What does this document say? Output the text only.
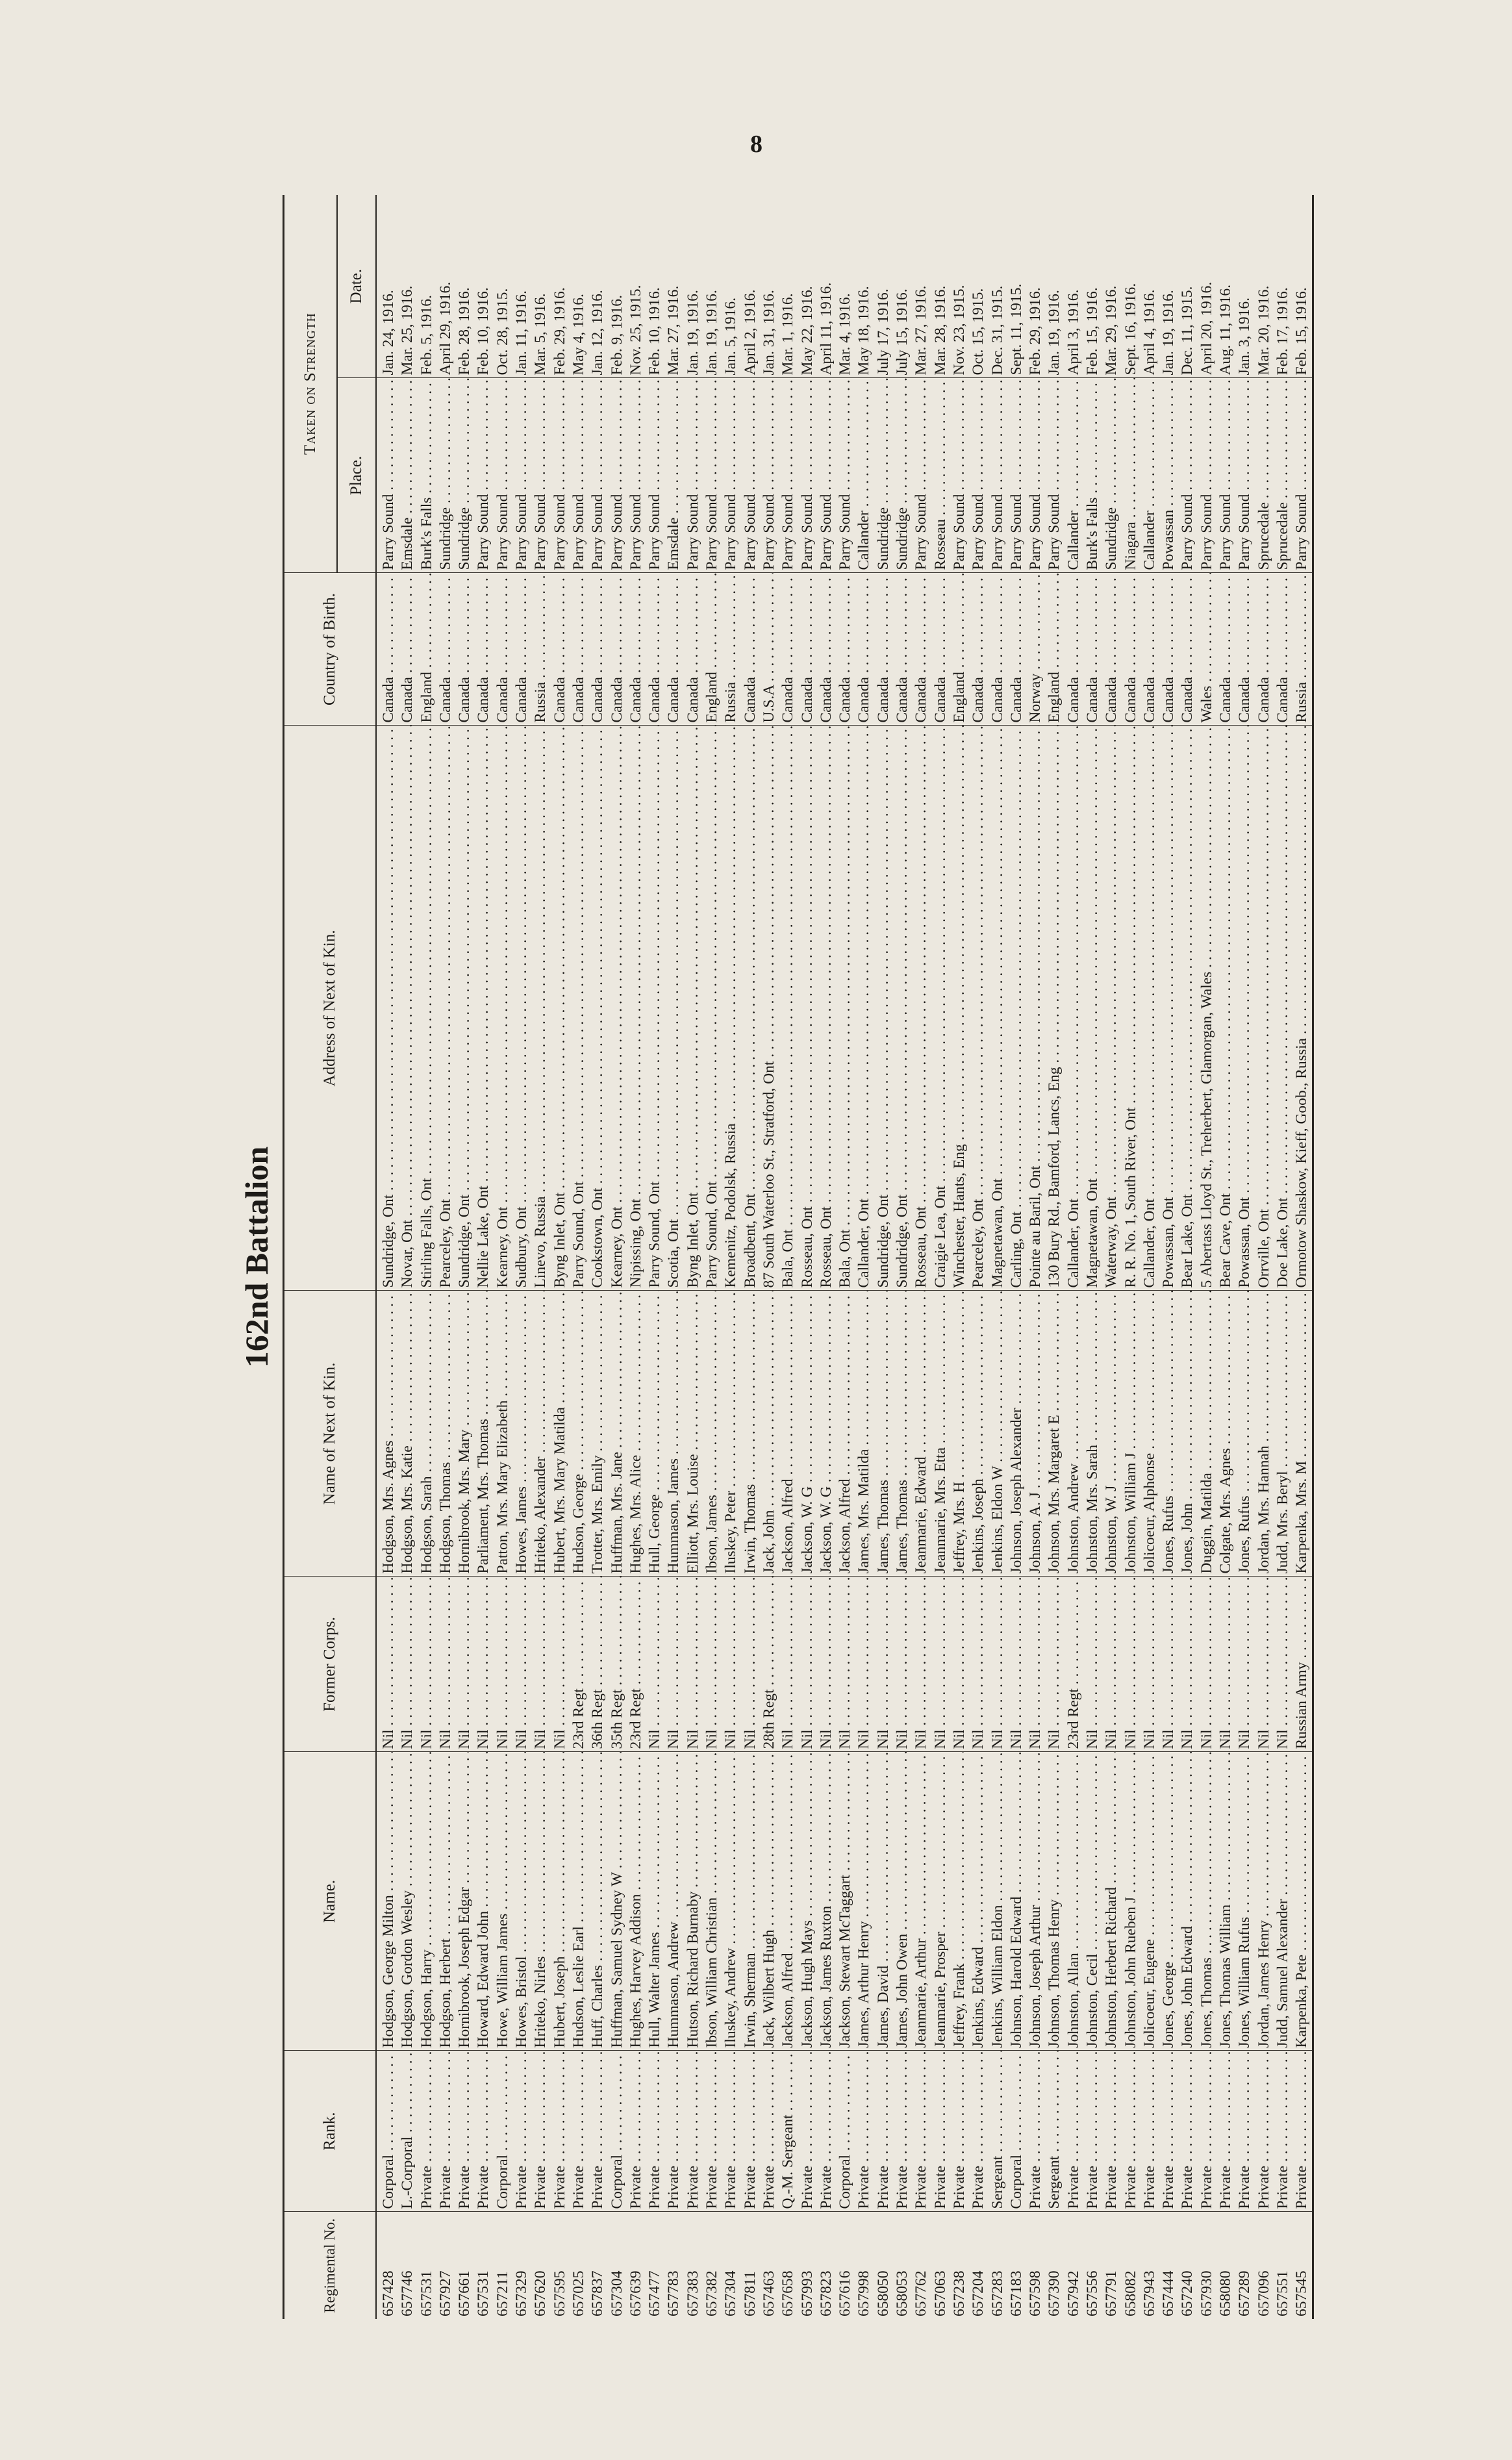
8
162nd Battalion
Regimental No.	Rank.	Name.	Former Corps.	Name of Next of Kin.	Address of Next of Kin.	Country of Birth.	Taken on Strength	
							Place.	Date.
657428	Corporal . . .	Hodgson, George Milton . . .	Nil . . .	Hodgson, Mrs. Agnes . . .	Sundridge, Ont . . .	Canada . . .	Parry Sound . . .	Jan. 24, 1916.
657746	L.-Corporal . . .	Hodgson, Gordon Wesley . . .	Nil . . .	Hodgson, Mrs. Katie . . .	Novar, Ont . . .	Canada . . .	Emsdale . . .	Mar. 25, 1916.
657531	Private . . .	Hodgson, Harry . . .	Nil . . .	Hodgson, Sarah . . .	Stirling Falls, Ont . . .	England . . .	Burk's Falls . . .	Feb. 5, 1916.
657927	Private . . .	Hodgson, Herbert . . .	Nil . . .	Hodgson, Thomas . . .	Pearceley, Ont . . .	Canada . . .	Sundridge . . .	April 29, 1916.
657661	Private . . .	Hornibrook, Joseph Edgar . . .	Nil . . .	Hornibrook, Mrs. Mary . . .	Sundridge, Ont . . .	Canada . . .	Sundridge . . .	Feb. 28, 1916.
657531	Private . . .	Howard, Edward John . . .	Nil . . .	Parliament, Mrs. Thomas . . .	Nellie Lake, Ont . . .	Canada . . .	Parry Sound . . .	Feb. 10, 1916.
657211	Corporal . . .	Howe, William James . . .	Nil . . .	Patton, Mrs. Mary Elizabeth . . .	Kearney, Ont . . .	Canada . . .	Parry Sound . . .	Oct. 28, 1915.
657329	Private . . .	Howes, Bristol . . .	Nil . . .	Howes, James . . .	Sudbury, Ont . . .	Canada . . .	Parry Sound . . .	Jan. 11, 1916.
657620	Private . . .	Hriteko, Nirles . . .	Nil . . .	Hriteko, Alexander . . .	Linevo, Russia . . .	Russia . . .	Parry Sound . . .	Mar. 5, 1916.
657595	Private . . .	Hubert, Joseph . . .	Nil . . .	Hubert, Mrs. Mary Matilda . . .	Byng Inlet, Ont . . .	Canada . . .	Parry Sound . . .	Feb. 29, 1916.
657025	Private . . .	Hudson, Leslie Earl . . .	23rd Regt . . .	Hudson, George . . .	Parry Sound, Ont . . .	Canada . . .	Parry Sound . . .	May 4, 1916.
657837	Private . . .	Huff, Charles . . .	36th Regt . . .	Trotter, Mrs. Emily . . .	Cookstown, Ont . . .	Canada . . .	Parry Sound . . .	Jan. 12, 1916.
657304	Corporal . . .	Huffman, Samuel Sydney W . . .	35th Regt . . .	Huffman, Mrs. Jane . . .	Kearney, Ont . . .	Canada . . .	Parry Sound . . .	Feb. 9, 1916.
657639	Private . . .	Hughes, Harvey Addison . . .	23rd Regt . . .	Hughes, Mrs. Alice . . .	Nipissing, Ont . . .	Canada . . .	Parry Sound . . .	Nov. 25, 1915.
657477	Private . . .	Hull, Walter James . . .	Nil . . .	Hull, George . . .	Parry Sound, Ont . . .	Canada . . .	Parry Sound . . .	Feb. 10, 1916.
657783	Private . . .	Hummason, Andrew . . .	Nil . . .	Hummason, James . . .	Scotia, Ont . . .	Canada . . .	Emsdale . . .	Mar. 27, 1916.
657383	Private . . .	Hutson, Richard Burnaby . . .	Nil . . .	Elliott, Mrs. Louise . . .	Byng Inlet, Ont . . .	Canada . . .	Parry Sound . . .	Jan. 19, 1916.
657382	Private . . .	Ibson, William Christian . . .	Nil . . .	Ibson, James . . .	Parry Sound, Ont . . .	England . . .	Parry Sound . . .	Jan. 19, 1916.
657304	Private . . .	Iluskey, Andrew . . .	Nil . . .	Iluskey, Peter . . .	Kemenitz, Podolsk, Russia . . .	Russia . . .	Parry Sound . . .	Jan. 5, 1916.
657811	Private . . .	Irwin, Sherman . . .	Nil . . .	Irwin, Thomas . . .	Broadbent, Ont . . .	Canada . . .	Parry Sound . . .	April 2, 1916.
657463	Private . . .	Jack, Wilbert Hugh . . .	28th Regt . . .	Jack, John . . .	87 South Waterloo St., Stratford, Ont . . .	U.S.A . . .	Parry Sound . . .	Jan. 31, 1916.
657658	Q.-M. Sergeant . . .	Jackson, Alfred . . .	Nil . . .	Jackson, Alfred . . .	Bala, Ont . . .	Canada . . .	Parry Sound . . .	Mar. 1, 1916.
657993	Private . . .	Jackson, Hugh Mays . . .	Nil . . .	Jackson, W. G . . .	Rosseau, Ont . . .	Canada . . .	Parry Sound . . .	May 22, 1916.
657823	Private . . .	Jackson, James Ruxton . . .	Nil . . .	Jackson, W. G . . .	Rosseau, Ont . . .	Canada . . .	Parry Sound . . .	April 11, 1916.
657616	Corporal . . .	Jackson, Stewart McTaggart . . .	Nil . . .	Jackson, Alfred . . .	Bala, Ont . . .	Canada . . .	Parry Sound . . .	Mar. 4, 1916.
657998	Private . . .	James, Arthur Henry . . .	Nil . . .	James, Mrs. Matilda . . .	Callander, Ont . . .	Canada . . .	Callander . . .	May 18, 1916.
658050	Private . . .	James, David . . .	Nil . . .	James, Thomas . . .	Sundridge, Ont . . .	Canada . . .	Sundridge . . .	July 17, 1916.
658053	Private . . .	James, John Owen . . .	Nil . . .	James, Thomas . . .	Sundridge, Ont . . .	Canada . . .	Sundridge . . .	July 15, 1916.
657762	Private . . .	Jeanmarie, Arthur . . .	Nil . . .	Jeanmarie, Edward . . .	Rosseau, Ont . . .	Canada . . .	Parry Sound . . .	Mar. 27, 1916.
657063	Private . . .	Jeanmarie, Prosper . . .	Nil . . .	Jeanmarie, Mrs. Etta . . .	Craigie Lea, Ont . . .	Canada . . .	Rosseau . . .	Mar. 28, 1916.
657238	Private . . .	Jeffrey, Frank . . .	Nil . . .	Jeffrey, Mrs. H . . .	Winchester, Hants, Eng . . .	England . . .	Parry Sound . . .	Nov. 23, 1915.
657204	Private . . .	Jenkins, Edward . . .	Nil . . .	Jenkins, Joseph . . .	Pearceley, Ont . . .	Canada . . .	Parry Sound . . .	Oct. 15, 1915.
657283	Sergeant . . .	Jenkins, William Eldon . . .	Nil . . .	Jenkins, Eldon W . . .	Magnetawan, Ont . . .	Canada . . .	Parry Sound . . .	Dec. 31, 1915.
657183	Corporal . . .	Johnson, Harold Edward . . .	Nil . . .	Johnson, Joseph Alexander . . .	Carling, Ont . . .	Canada . . .	Parry Sound . . .	Sept. 11, 1915.
657598	Private . . .	Johnson, Joseph Arthur . . .	Nil . . .	Johnson, A. J . . .	Pointe au Baril, Ont . . .	Norway . . .	Parry Sound . . .	Feb. 29, 1916.
657390	Sergeant . . .	Johnson, Thomas Henry . . .	Nil . . .	Johnson, Mrs. Margaret E . . .	130 Bury Rd., Bamford, Lancs, Eng . . .	England . . .	Parry Sound . . .	Jan. 19, 1916.
657942	Private . . .	Johnston, Allan . . .	23rd Regt . . .	Johnston, Andrew . . .	Callander, Ont . . .	Canada . . .	Callander . . .	April 3, 1916.
657556	Private . . .	Johnston, Cecil . . .	Nil . . .	Johnston, Mrs. Sarah . . .	Magnetawan, Ont . . .	Canada . . .	Burk's Falls . . .	Feb. 15, 1916.
657791	Private . . .	Johnston, Herbert Richard . . .	Nil . . .	Johnston, W. J . . .	Waterway, Ont . . .	Canada . . .	Sundridge . . .	Mar. 29, 1916.
658082	Private . . .	Johnston, John Rueben J . . .	Nil . . .	Johnston, William J . . .	R. R. No. 1, South River, Ont . . .	Canada . . .	Niagara . . .	Sept. 16, 1916.
657943	Private . . .	Jolicoeur, Eugene . . .	Nil . . .	Jolicoeur, Alphonse . . .	Callander, Ont . . .	Canada . . .	Callander . . .	April 4, 1916.
657444	Private . . .	Jones, George . . .	Nil . . .	Jones, Rufus . . .	Powassan, Ont . . .	Canada . . .	Powassan . . .	Jan. 19, 1916.
657240	Private . . .	Jones, John Edward . . .	Nil . . .	Jones, John . . .	Bear Lake, Ont . . .	Canada . . .	Parry Sound . . .	Dec. 11, 1915.
657930	Private . . .	Jones, Thomas . . .	Nil . . .	Duggin, Matilda . . .	5 Abertass Lloyd St., Treherbert, Glamorgan, Wales . . .	Wales . . .	Parry Sound . . .	April 20, 1916.
658080	Private . . .	Jones, Thomas William . . .	Nil . . .	Colgate, Mrs. Agnes . . .	Bear Cave, Ont . . .	Canada . . .	Parry Sound . . .	Aug. 11, 1916.
657289	Private . . .	Jones, William Rufus . . .	Nil . . .	Jones, Rufus . . .	Powassan, Ont . . .	Canada . . .	Parry Sound . . .	Jan. 3, 1916.
657096	Private . . .	Jordan, James Henry . . .	Nil . . .	Jordan, Mrs. Hannah . . .	Orrville, Ont . . .	Canada . . .	Sprucedale . . .	Mar. 20, 1916.
657551	Private . . .	Judd, Samuel Alexander . . .	Nil . . .	Judd, Mrs. Beryl . . .	Doe Lake, Ont . . .	Canada . . .	Sprucedale . . .	Feb. 17, 1916.
657545	Private . . .	Karpenka, Pete . . .	Russian Army . . .	Karpenka, Mrs. M . . .	Ormotow Shaskow, Kieff, Goob., Russia . . .	Russia . . .	Parry Sound . . .	Feb. 15, 1916.
